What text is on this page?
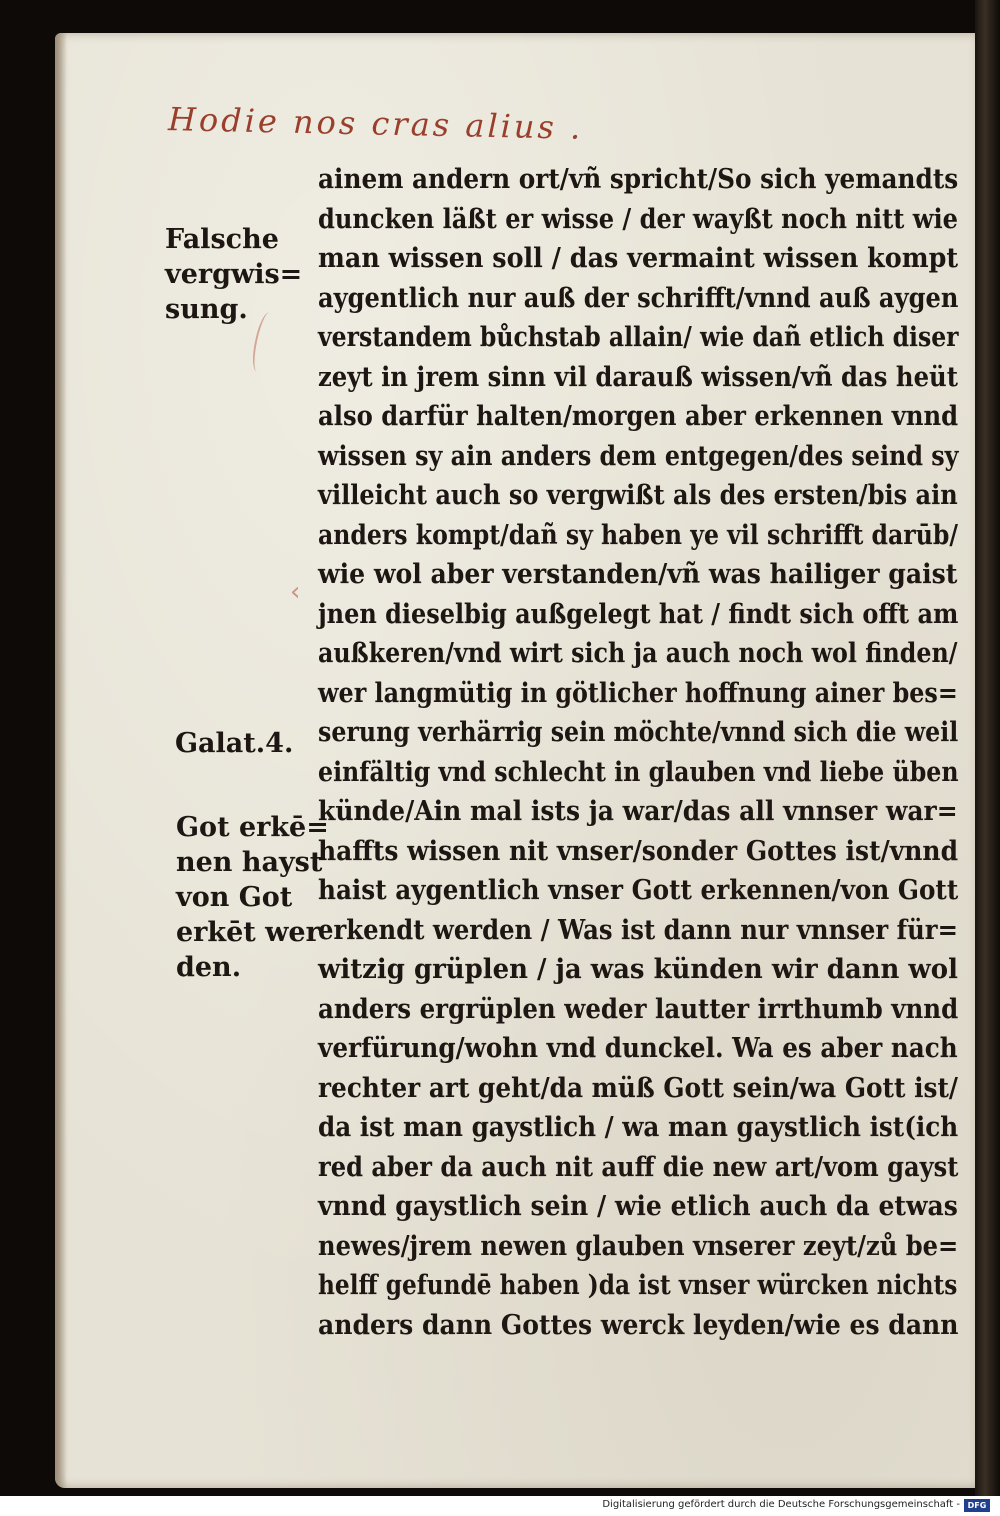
Hodie nos cras alius .
‹
Falsche
vergwis=
sung.
Galat.4.
Got erkē=
nen hayst
von Got
erkēt wer
den.
ainem andern ort/vñ spricht/So sich yemandts
duncken läßt er wisse / der wayßt noch nitt wie
man wissen soll / das vermaint wissen kompt
aygentlich nur auß der schrifft/vnnd auß aygen
verstandem bůchstab allain/ wie dañ etlich diser
zeyt in jrem sinn vil darauß wissen/vñ das heüt
also darfür halten/morgen aber erkennen vnnd
wissen sy ain anders dem entgegen/des seind sy
villeicht auch so vergwißt als des ersten/bis ain
anders kompt/dañ sy haben ye vil schrifft darūb/
wie wol aber verstanden/vñ was hailiger gaist
jnen dieselbig außgelegt hat / findt sich offt am
außkeren/vnd wirt sich ja auch noch wol finden/
wer langmütig in götlicher hoffnung ainer bes=
serung verhärrig sein möchte/vnnd sich die weil
einfältig vnd schlecht in glauben vnd liebe üben
künde/Ain mal ists ja war/das all vnnser war=
haffts wissen nit vnser/sonder Gottes ist/vnnd
haist aygentlich vnser Gott erkennen/von Gott
erkendt werden / Was ist dann nur vnnser für=
witzig grüplen / ja was künden wir dann wol
anders ergrüplen weder lautter irrthumb vnnd
verfürung/wohn vnd dunckel. Wa es aber nach
rechter art geht/da müß Gott sein/wa Gott ist/
da ist man gaystlich / wa man gaystlich ist(ich
red aber da auch nit auff die new art/vom gayst
vnnd gaystlich sein / wie etlich auch da etwas
newes/jrem newen glauben vnserer zeyt/zů be=
helff gefundē haben )da ist vnser würcken nichts
anders dann Gottes werck leyden/wie es dann
Digitalisierung gefördert durch die Deutsche Forschungsgemeinschaft - DFG
